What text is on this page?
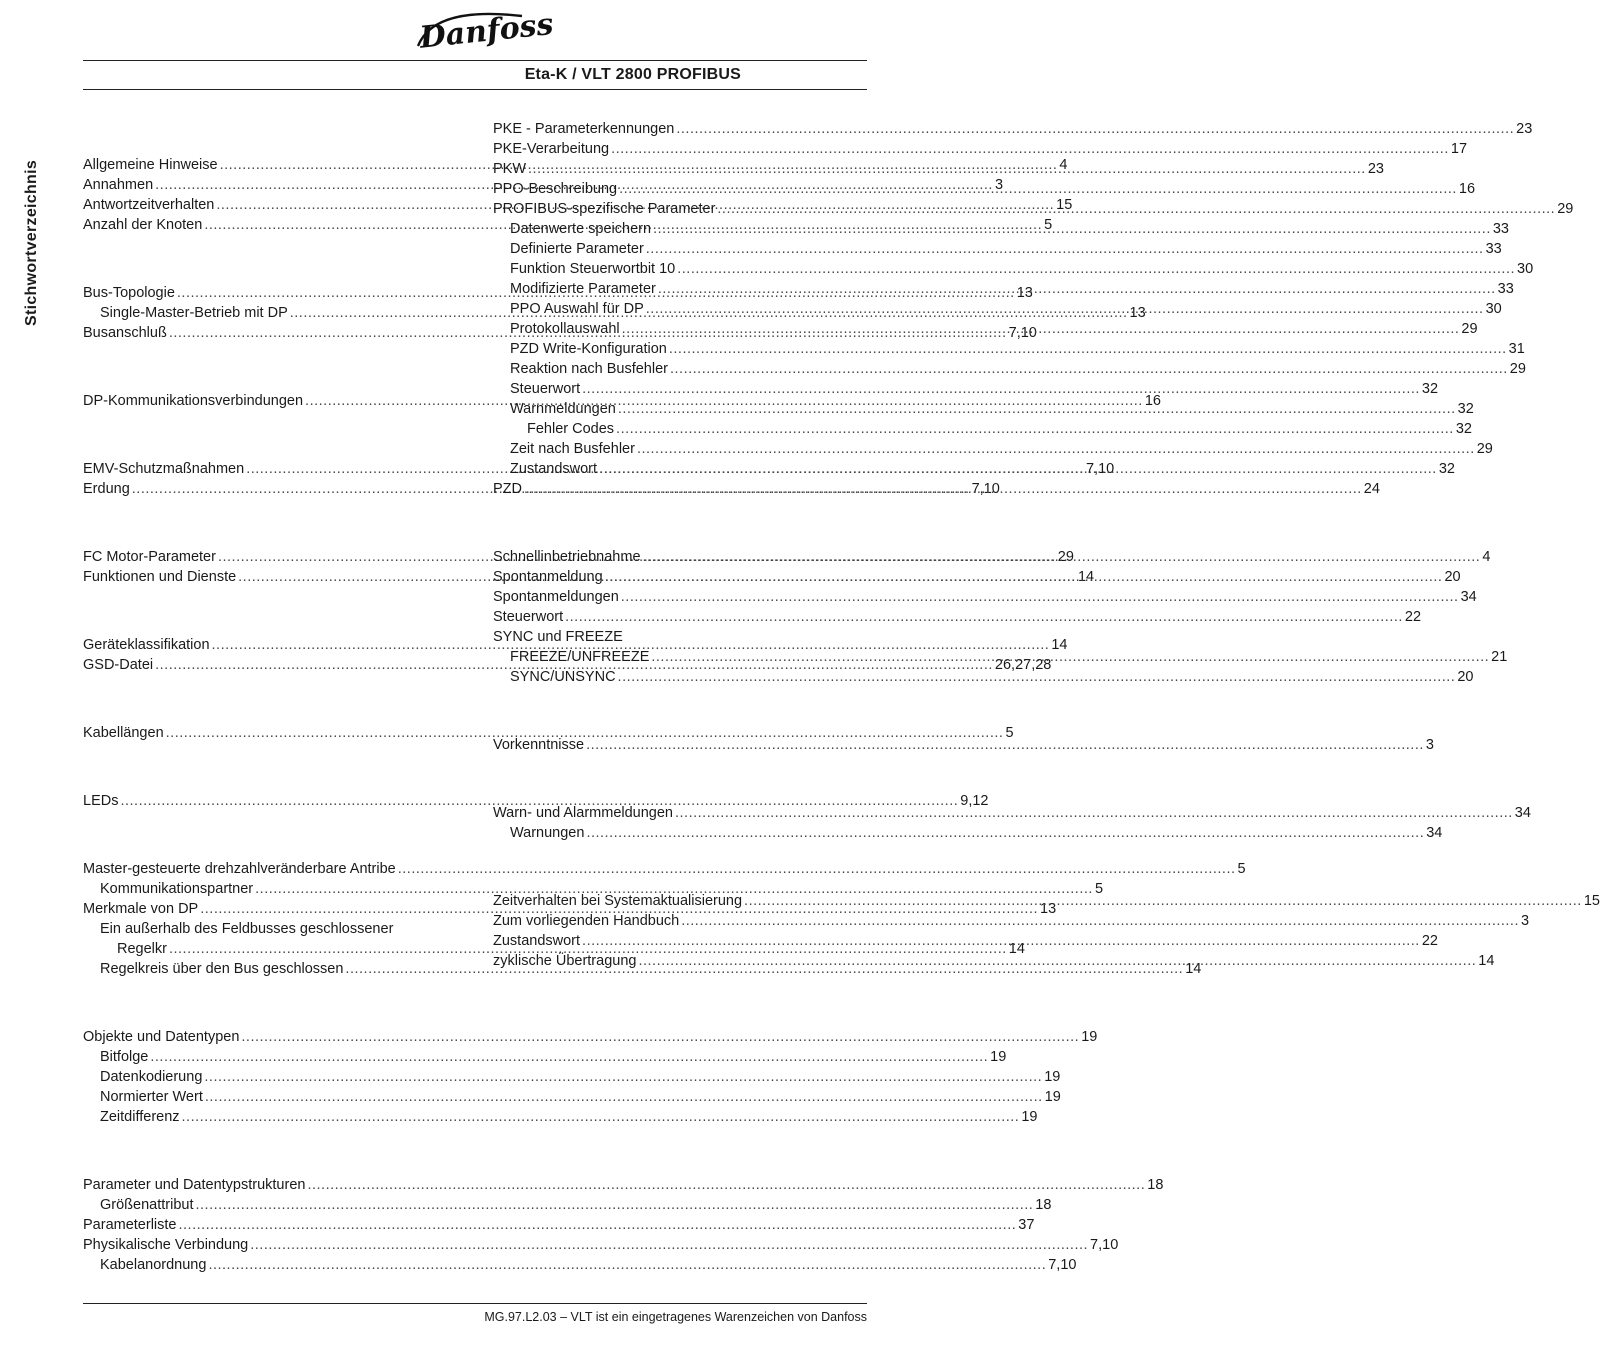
Danfoss
Eta-K / VLT 2800 PROFIBUS
Stichwortverzeichnis	Allgemeine Hinweise .....	4
Annahmen .....	3
Antwortzeitverhalten .....	15
Anzahl der Knoten .....	5
Bus-Topologie .....	13
Single-Master-Betrieb mit DP .....	13
Busanschluß .....	7,10
DP-Kommunikationsverbindungen .....	16
EMV-Schutzmaßnahmen .....	7,10
Erdung .....	7,10
FC Motor-Parameter .....	29
Funktionen und Dienste .....	14
Geräteklassifikation .....	14
GSD-Datei .....	26,27,28
Kabellängen .....	5
LEDs .....	9,12
Master-gesteuerte drehzahlveränderbare Antribe .....	5
Kommunikationspartner .....	5
Merkmale von DP .....	13
Ein außerhalb des Feldbusses geschlossener
Regelkr .....	14
Regelkreis über den Bus geschlossen .....	14
Objekte und Datentypen .....	19
Bitfolge .....	19
Datenkodierung .....	19
Normierter Wert .....	19
Zeitdifferenz .....	19
Parameter und Datentypstrukturen .....	18
Größenattribut .....	18
Parameterliste .....	37
Physikalische Verbindung .....	7,10
Kabelanordnung .....	7,10
PKE - Parameterkennungen .....	23
PKE-Verarbeitung .....	17
PKW .....	23
PPO-Beschreibung .....	16
PROFIBUS-spezifische Parameter .....	29
Datenwerte speichern .....	33
Definierte Parameter .....	33
Funktion Steuerwortbit 10 .....	30
Modifizierte Parameter .....	33
PPO Auswahl für DP .....	30
Protokollauswahl .....	29
PZD Write-Konfiguration .....	31
Reaktion nach Busfehler .....	29
Steuerwort .....	32
Warnmeldungen .....	32
Fehler Codes .....	32
Zeit nach Busfehler .....	29
Zustandswort .....	32
PZD .....	24
Schnellinbetriebnahme .....	4
Spontanmeldung .....	20
Spontanmeldungen .....	34
Steuerwort .....	22
SYNC und FREEZE
FREEZE/UNFREEZE .....	21
SYNC/UNSYNC .....	20
Vorkenntnisse .....	3
Warn- und Alarmmeldungen .....	34
Warnungen .....	34
Zeitverhalten bei Systemaktualisierung .....	15
Zum vorliegenden Handbuch .....	3
Zustandswort .....	22
zyklische Übertragung .....	14
MG.97.L2.03 – VLT ist ein eingetragenes Warenzeichen von Danfoss
